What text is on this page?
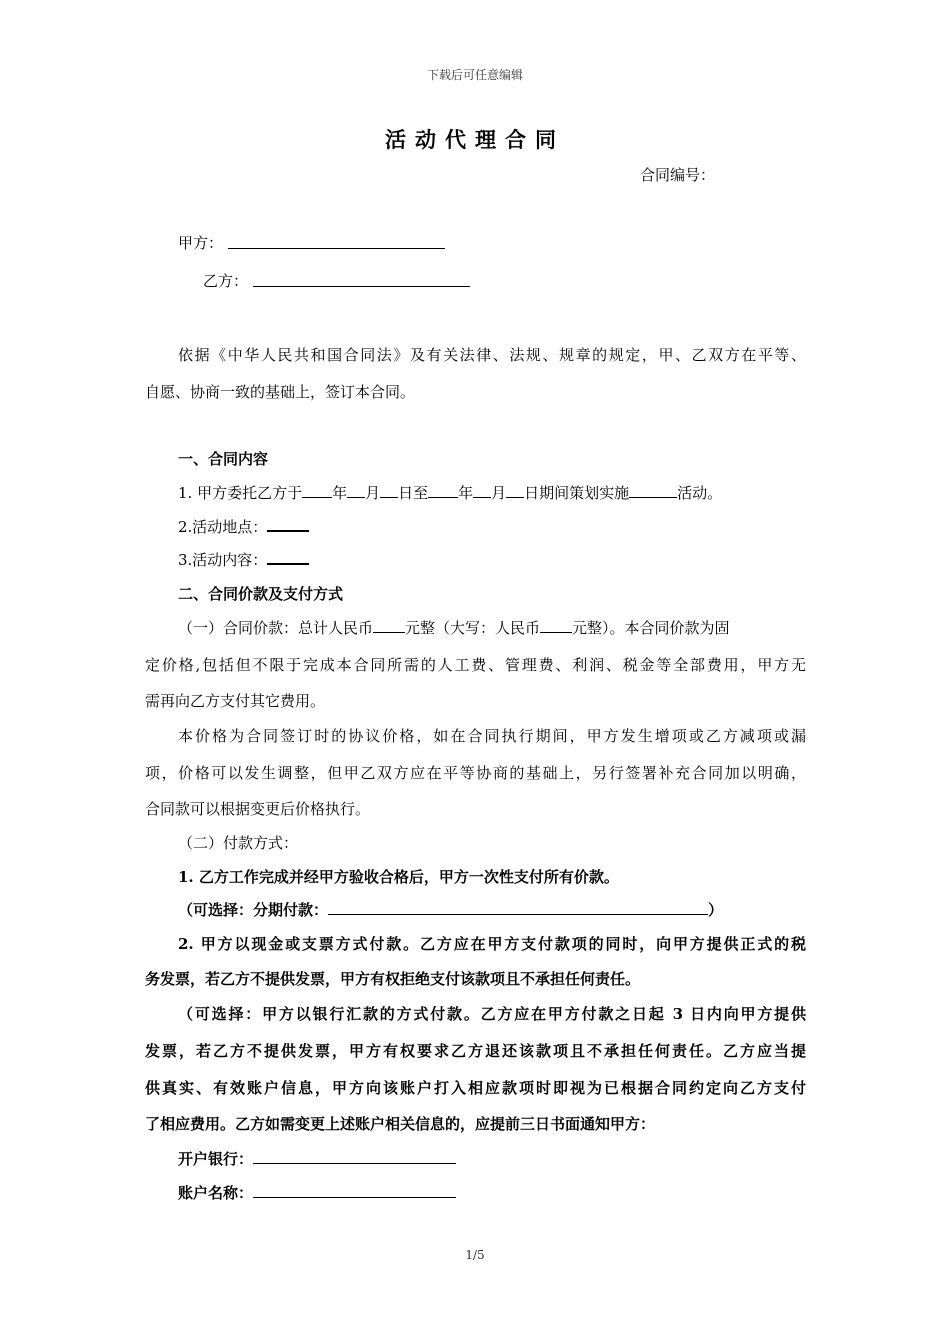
下载后可任意编辑
活动代理合同
合同编号：
甲方：
乙方：
依据《中华人民共和国合同法》及有关法律、法规、规章的规定，甲、乙双方在平等、
自愿、协商一致的基础上，签订本合同。
一、合同内容
1. 甲方委托乙方于 年 月 日至 年 月 日期间策划实施	活动。
2.活动地点：
3.活动内容：
二、合同价款及支付方式
（一）合同价款：总计人民币 元整（大写：人民币 元整）。本合同价款为固
定价格,包括但不限于完成本合同所需的人工费、管理费、利润、税金等全部费用，甲方无
需再向乙方支付其它费用。
本价格为合同签订时的协议价格，如在合同执行期间，甲方发生增项或乙方减项或漏
项，价格可以发生调整，但甲乙双方应在平等协商的基础上，另行签署补充合同加以明确，
合同款可以根据变更后价格执行。
（二）付款方式：
1. 乙方工作完成并经甲方验收合格后，甲方一次性支付所有价款。
（可选择：分期付款：	）
2. 甲方以现金或支票方式付款。乙方应在甲方支付款项的同时，向甲方提供正式的税
务发票，若乙方不提供发票，甲方有权拒绝支付该款项且不承担任何责任。
（可选择：甲方以银行汇款的方式付款。乙方应在甲方付款之日起 3 日内向甲方提供
发票，若乙方不提供发票，甲方有权要求乙方退还该款项且不承担任何责任。乙方应当提
供真实、有效账户信息，甲方向该账户打入相应款项时即视为已根据合同约定向乙方支付
了相应费用。乙方如需变更上述账户相关信息的，应提前三日书面通知甲方：
开户银行：
账户名称：
1/5
